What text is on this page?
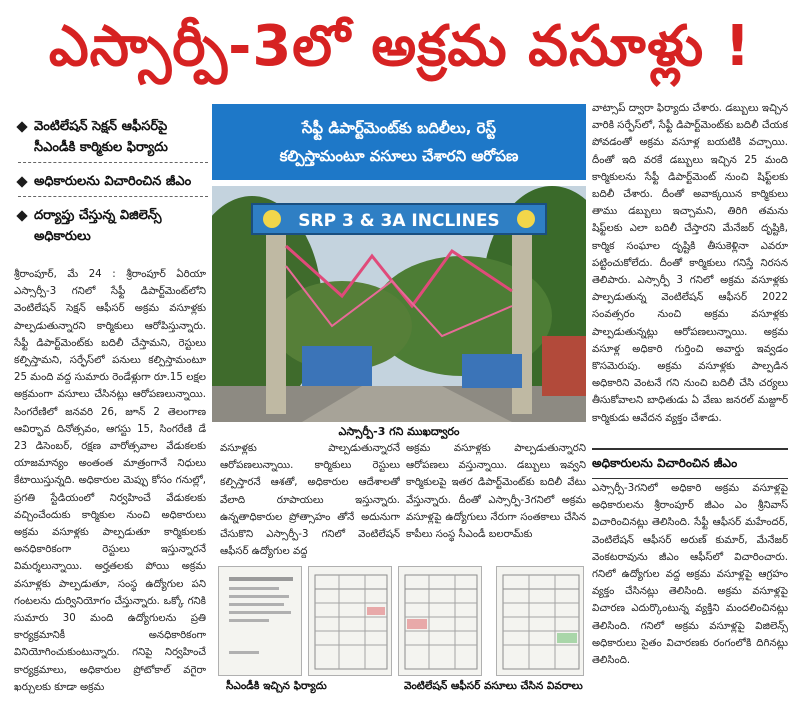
ఎస్సార్పీ-3లో అక్రమ వసూళ్లు !
వెంటిలేషన్ సెక్షన్ ఆఫీసర్‌పై సీఎండీకి కార్మికుల ఫిర్యాదు
అధికారులను విచారించిన జీఎం
దర్యాప్తు చేస్తున్న విజిలెన్స్ అధికారులు
శ్రీరాంపూర్, మే 24 : శ్రీరాంపూర్ ఏరియా ఎస్సార్పీ-3 గనిలో సేఫ్టీ డిపార్ట్‌మెంట్‌లోని వెంటిలేషన్ సెక్షన్ ఆఫీసర్ అక్రమ వసూళ్లకు పాల్పడుతున్నారని కార్మికులు ఆరోపిస్తున్నారు. సేఫ్టీ డిపార్ట్‌మెంట్‌కు బదిలీ చేస్తామని, రెస్టులు కల్పిస్తామని, సర్ఫేస్‌లో పనులు కల్పిస్తామంటూ 25 మంది వద్ద సుమారు రెండేళ్లుగా రూ.15 లక్షల అక్రమంగా వసూలు చేసినట్లు ఆరోపణలున్నాయి. సింగరేణిలో జనవరి 26, జూన్ 2 తెలంగాణ ఆవిర్భావ దినోత్సవం, ఆగస్టు 15, సింగరేణి డే 23 డిసెంబర్, రక్షణ వారోత్సవాల వేడుకలకు యాజమాన్యం అంతంత మాత్రంగానే నిధులు కేటాయిస్తున్నది. అధికారుల మెప్పు కోసం గనుల్లో, ప్రగతి స్టేడియంలో నిర్వహించే వేడుకలకు వచ్చించేందుకు కార్మికుల నుంచి అధికారులు అక్రమ వసూళ్లకు పాల్పడుతూ కార్మికులకు అనధికారికంగా రెస్టులు ఇస్తున్నారనే విమర్శలున్నాయి. అర్హతలకు పోయి అక్రమ వసూళ్లకు పాల్పడుతూ, సంస్థ ఉద్యోగుల పని గంటలను దుర్వినియోగం చేస్తున్నారు. ఒక్కో గనికి సుమారు 30 మంది ఉద్యోగులను ప్రతి కార్యక్రమానికీ అనధికారికంగా వినియోగించుకుంటున్నారు. గనిపై నిర్వహించే కార్యక్రమాలు, అధికారుల ప్రోటోకాల్ వగైరా ఖర్చులకు కూడా అక్రమ
సేఫ్టీ డిపార్ట్‌మెంట్‌కు బదిలీలు, రెస్ట్
కల్పిస్తామంటూ వసూలు చేశారని ఆరోపణ
SRP 3 & 3A INCLINES
ఎస్సార్పీ-3 గని ముఖద్వారం
వసూళ్లకు పాల్పడుతున్నారనే ఆరోపణలున్నాయి. కార్మికులు రెస్టులు కల్పిస్తారనే ఆశతో, అధికారుల ఆదేశాలతో వేలాది రూపాయలు ఇస్తున్నారు. ఉన్నతాధికారుల ప్రోత్సాహం తోనే అదునుగా చేసుకొని ఎస్సార్పీ-3 గనిలో వెంటిలేషన్ ఆఫీసర్ ఉద్యోగుల వద్ద
అక్రమ వసూళ్లకు పాల్పడుతున్నారని ఆరోపణలు వస్తున్నాయి. డబ్బులు ఇవ్వని కార్మికులపై ఇతర డిపార్ట్‌మెంట్‌కు బదిలీ వేటు వేస్తున్నారు. దీంతో ఎస్సార్పీ-3గనిలో అక్రమ వసూళ్లపై ఉద్యోగులు నేరుగా సంతకాలు చేసిన కాపీలు సంస్థ సీఎండీ బలరామ్‌కు
సీఎండీకి ఇచ్చిన ఫిర్యాదు	వెంటిలేషన్ ఆఫీసర్ వసూలు చేసిన వివరాలు
వాట్సాప్ ద్వారా ఫిర్యాదు చేశారు. డబ్బులు ఇచ్చిన వారికి సర్ఫేస్‌లో, సేఫ్టీ డిపార్ట్‌మెంట్‌కు బదిలీ చేయక పోవడంతో అక్రమ వసూళ్ల బయటికి వచ్చాయి. దీంతో ఇది వరకే డబ్బులు ఇచ్చిన 25 మంది కార్మికులను సేఫ్టీ డిపార్ట్‌మెంట్ నుంచి షిఫ్ట్‌లకు బదిలీ చేశారు. దీంతో అవాక్కయిన కార్మికులు తాము డబ్బులు ఇచ్చామని, తిరిగి తమను షిఫ్ట్‌లకు ఎలా బదిలీ చేస్తారని మేనేజర్ దృష్టికి, కార్మిక సంఘాల దృష్టికి తీసుకెళ్లినా ఎవరూ పట్టించుకోలేదు. దీంతో కార్మికులు గనిస్తే నిరసన తెలిపారు. ఎస్సార్పీ 3 గనిలో అక్రమ వసూళ్లకు పాల్పడుతున్న వెంటిలేషన్ ఆఫీసర్ 2022 సంవత్సరం నుంచి అక్రమ వసూళ్లకు పాల్పడుతున్నట్లు ఆరోపణలున్నాయి. అక్రమ వసూళ్ల అధికారి గుర్తించి అవార్డు ఇవ్వడం కొసమెరుపు. అక్రమ వసూళ్లకు పాల్పడిన అధికారిని వెంటనే గని నుంచి బదిలీ చేసి చర్యలు తీసుకోవాలని బాధితుడు ఏ వేణు జనరల్ మజ్దూర్ కార్మికుడు ఆవేదన వ్యక్తం చేశాడు.
అధికారులను విచారించిన జీఎం
ఎస్సార్పీ-3గనిలో అధికారి అక్రమ వసూళ్లపై అధికారులను శ్రీరాంపూర్ జీఎం ఎం శ్రీనివాస్ విచారించినట్లు తెలిసింది. సేఫ్టీ ఆఫీసర్ మహేందర్, వెంటిలేషన్ ఆఫీసర్ అరుణ్ కుమార్, మేనేజర్ వెంకటరావును జీఎం ఆఫీస్‌లో విచారించారు. గనిలో ఉద్యోగుల వద్ద అక్రమ వసూళ్లపై ఆగ్రహం వ్యక్తం చేసినట్లు తెలిసింది. అక్రమ వసూళ్లపై విచారణ ఎదుర్కొంటున్న వ్యక్తిని మందలించినట్లు తెలిసింది. గనిలో అక్రమ వసూళ్లపై విజిలెన్స్ అధికారులు సైతం విచారణకు రంగంలోకి దిగినట్లు తెలిసింది.
